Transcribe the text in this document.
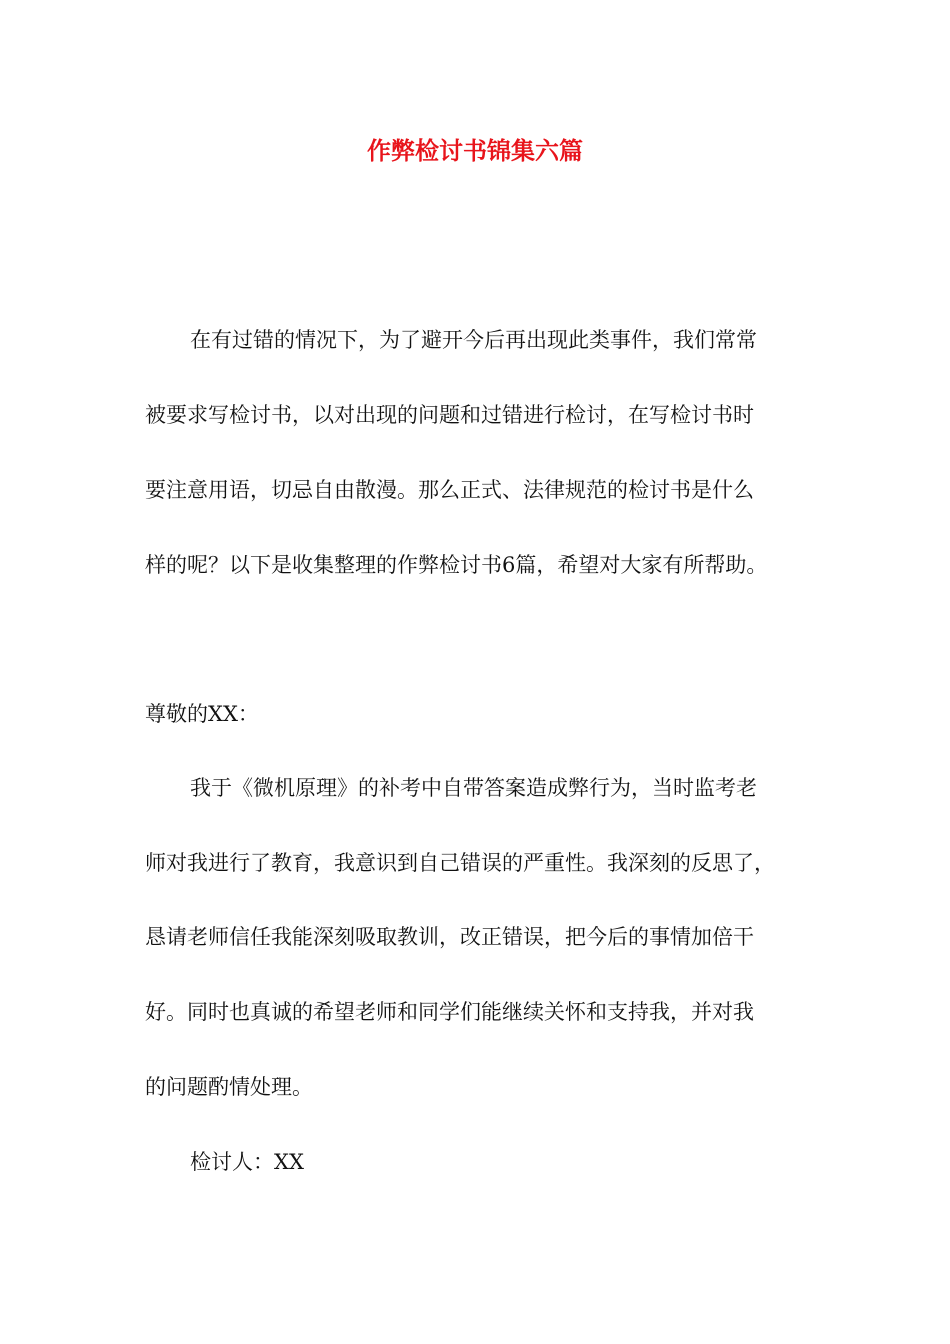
作弊检讨书锦集六篇
在有过错的情况下，为了避开今后再出现此类事件，我们常常
被要求写检讨书，以对出现的问题和过错进行检讨，在写检讨书时
要注意用语，切忌自由散漫。那么正式、法律规范的检讨书是什么
样的呢？以下是收集整理的作弊检讨书6篇，希望对大家有所帮助。
尊敬的XX：
我于《微机原理》的补考中自带答案造成弊行为，当时监考老
师对我进行了教育，我意识到自己错误的严重性。我深刻的反思了，
恳请老师信任我能深刻吸取教训，改正错误，把今后的事情加倍干
好。同时也真诚的希望老师和同学们能继续关怀和支持我，并对我
的问题酌情处理。
检讨人：XX
